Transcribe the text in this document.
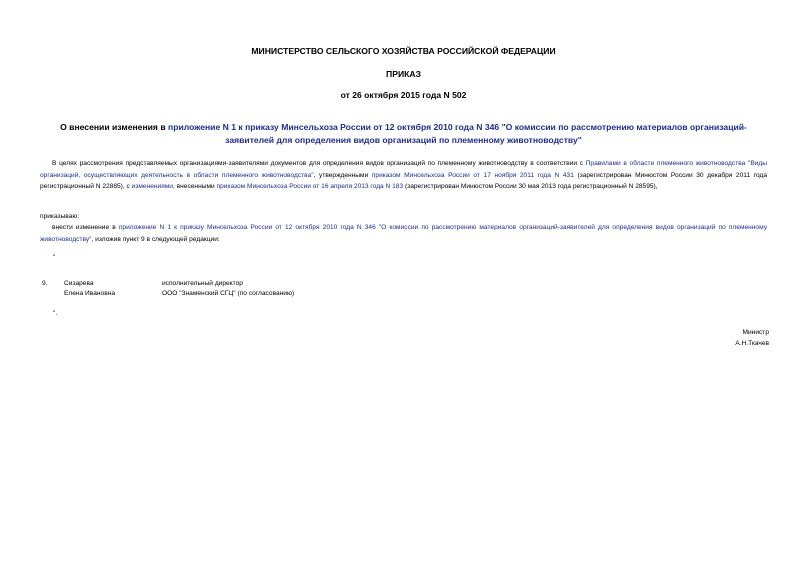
МИНИСТЕРСТВО СЕЛЬСКОГО ХОЗЯЙСТВА РОССИЙСКОЙ ФЕДЕРАЦИИ
ПРИКАЗ
от 26 октября 2015 года N 502
О внесении изменения в приложение N 1 к приказу Минсельхоза России от 12 октября 2010 года N 346 "О комиссии по рассмотрению материалов организаций-заявителей для определения видов организаций по племенному животноводству"
В целях рассмотрения представляемых организациями-заявителями документов для определения видов организаций по племенному животноводству в соответствии с Правилами в области племенного животноводства "Виды организаций, осуществляющих деятельность в области племенного животноводства", утвержденными приказом Минсельхоза России от 17 ноября 2011 года N 431 (зарегистрирован Минюстом России 30 декабря 2011 года регистрационный N 22885), с изменениями, внесенными приказом Минсельхоза России от 16 апреля 2013 года N 183 (зарегистрирован Минюстом России 30 мая 2013 года регистрационный N 28595),
приказываю:
внести изменение в приложение N 1 к приказу Минсельхоза России от 12 октября 2010 года N 346 "О комиссии по рассмотрению материалов организаций-заявителей для определения видов организаций по племенному животноводству", изложив пункт 9 в следующей редакции:
"
9.	Сизарева
Елена Ивановна
исполнительный директор
ООО "Знаменский СГЦ" (по согласованию)
".
Министр
А.Н.Ткачев
